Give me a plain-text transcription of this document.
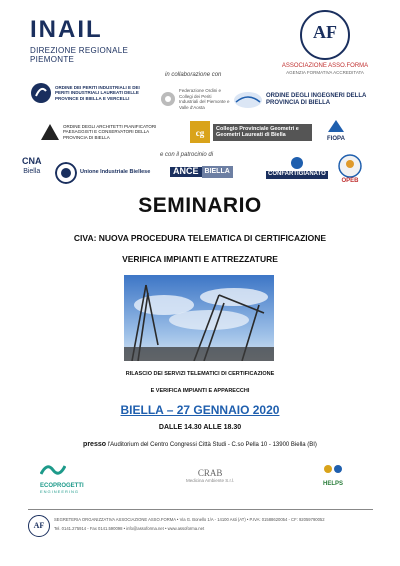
INAIL
DIREZIONE REGIONALE
PIEMONTE
AF
ASSOCIAZIONE ASSO.FORMA
AGENZIA FORMATIVA ACCREDITATA
in collaborazione con
ORDINE DEI PERITI INDUSTRIALI E DEI PERITI INDUSTRIALI LAUREATI DELLE PROVINCE DI BIELLA E VERCELLI
Federazione Ordini e Collegi dei Periti Industriali del Piemonte e Valle d'Aosta
ORDINE DEGLI INGEGNERI DELLA PROVINCIA DI BIELLA
ORDINE DEGLI ARCHITETTI PIANIFICATORI PAESAGGISTI E CONSERVATORI DELLA PROVINCIA DI BIELLA	cg	Collegio Provinciale Geometri e Geometri Laureati di Biella
FIOPA
e con il patrocinio di
CNA
Biella	Unione Industriale Biellese	ANCE BIELLA	CONFARTIGIANATO
OPEB
SEMINARIO
CIVA: NUOVA PROCEDURA TELEMATICA DI CERTIFICAZIONE
VERIFICA IMPIANTI E ATTREZZATURE
RILASCIO DEI SERVIZI TELEMATICI DI CERTIFICAZIONE
E VERIFICA IMPIANTI E APPARECCHI
BIELLA – 27 GENNAIO 2020
DALLE 14.30 ALLE 18.30
presso l'Auditorium del Centro Congressi Città Studi - C.so Pella 10 - 13900 Biella (BI)
ECOPROGETTI
ENGINEERING
CRAB
Medicina Ambiente S.r.l.
HELPS
AF
SEGRETERIA ORGANIZZATIVA ASSOCIAZIONE ASSO.FORMA • Via G. Bonello 1/A - 14100 Asti (AT) • P.IVA: 01588620054 - CF: 92059790052
Tel. 0141.275914 - Fax 0141.590098 • info@assoforma.net • www.assoforma.net
